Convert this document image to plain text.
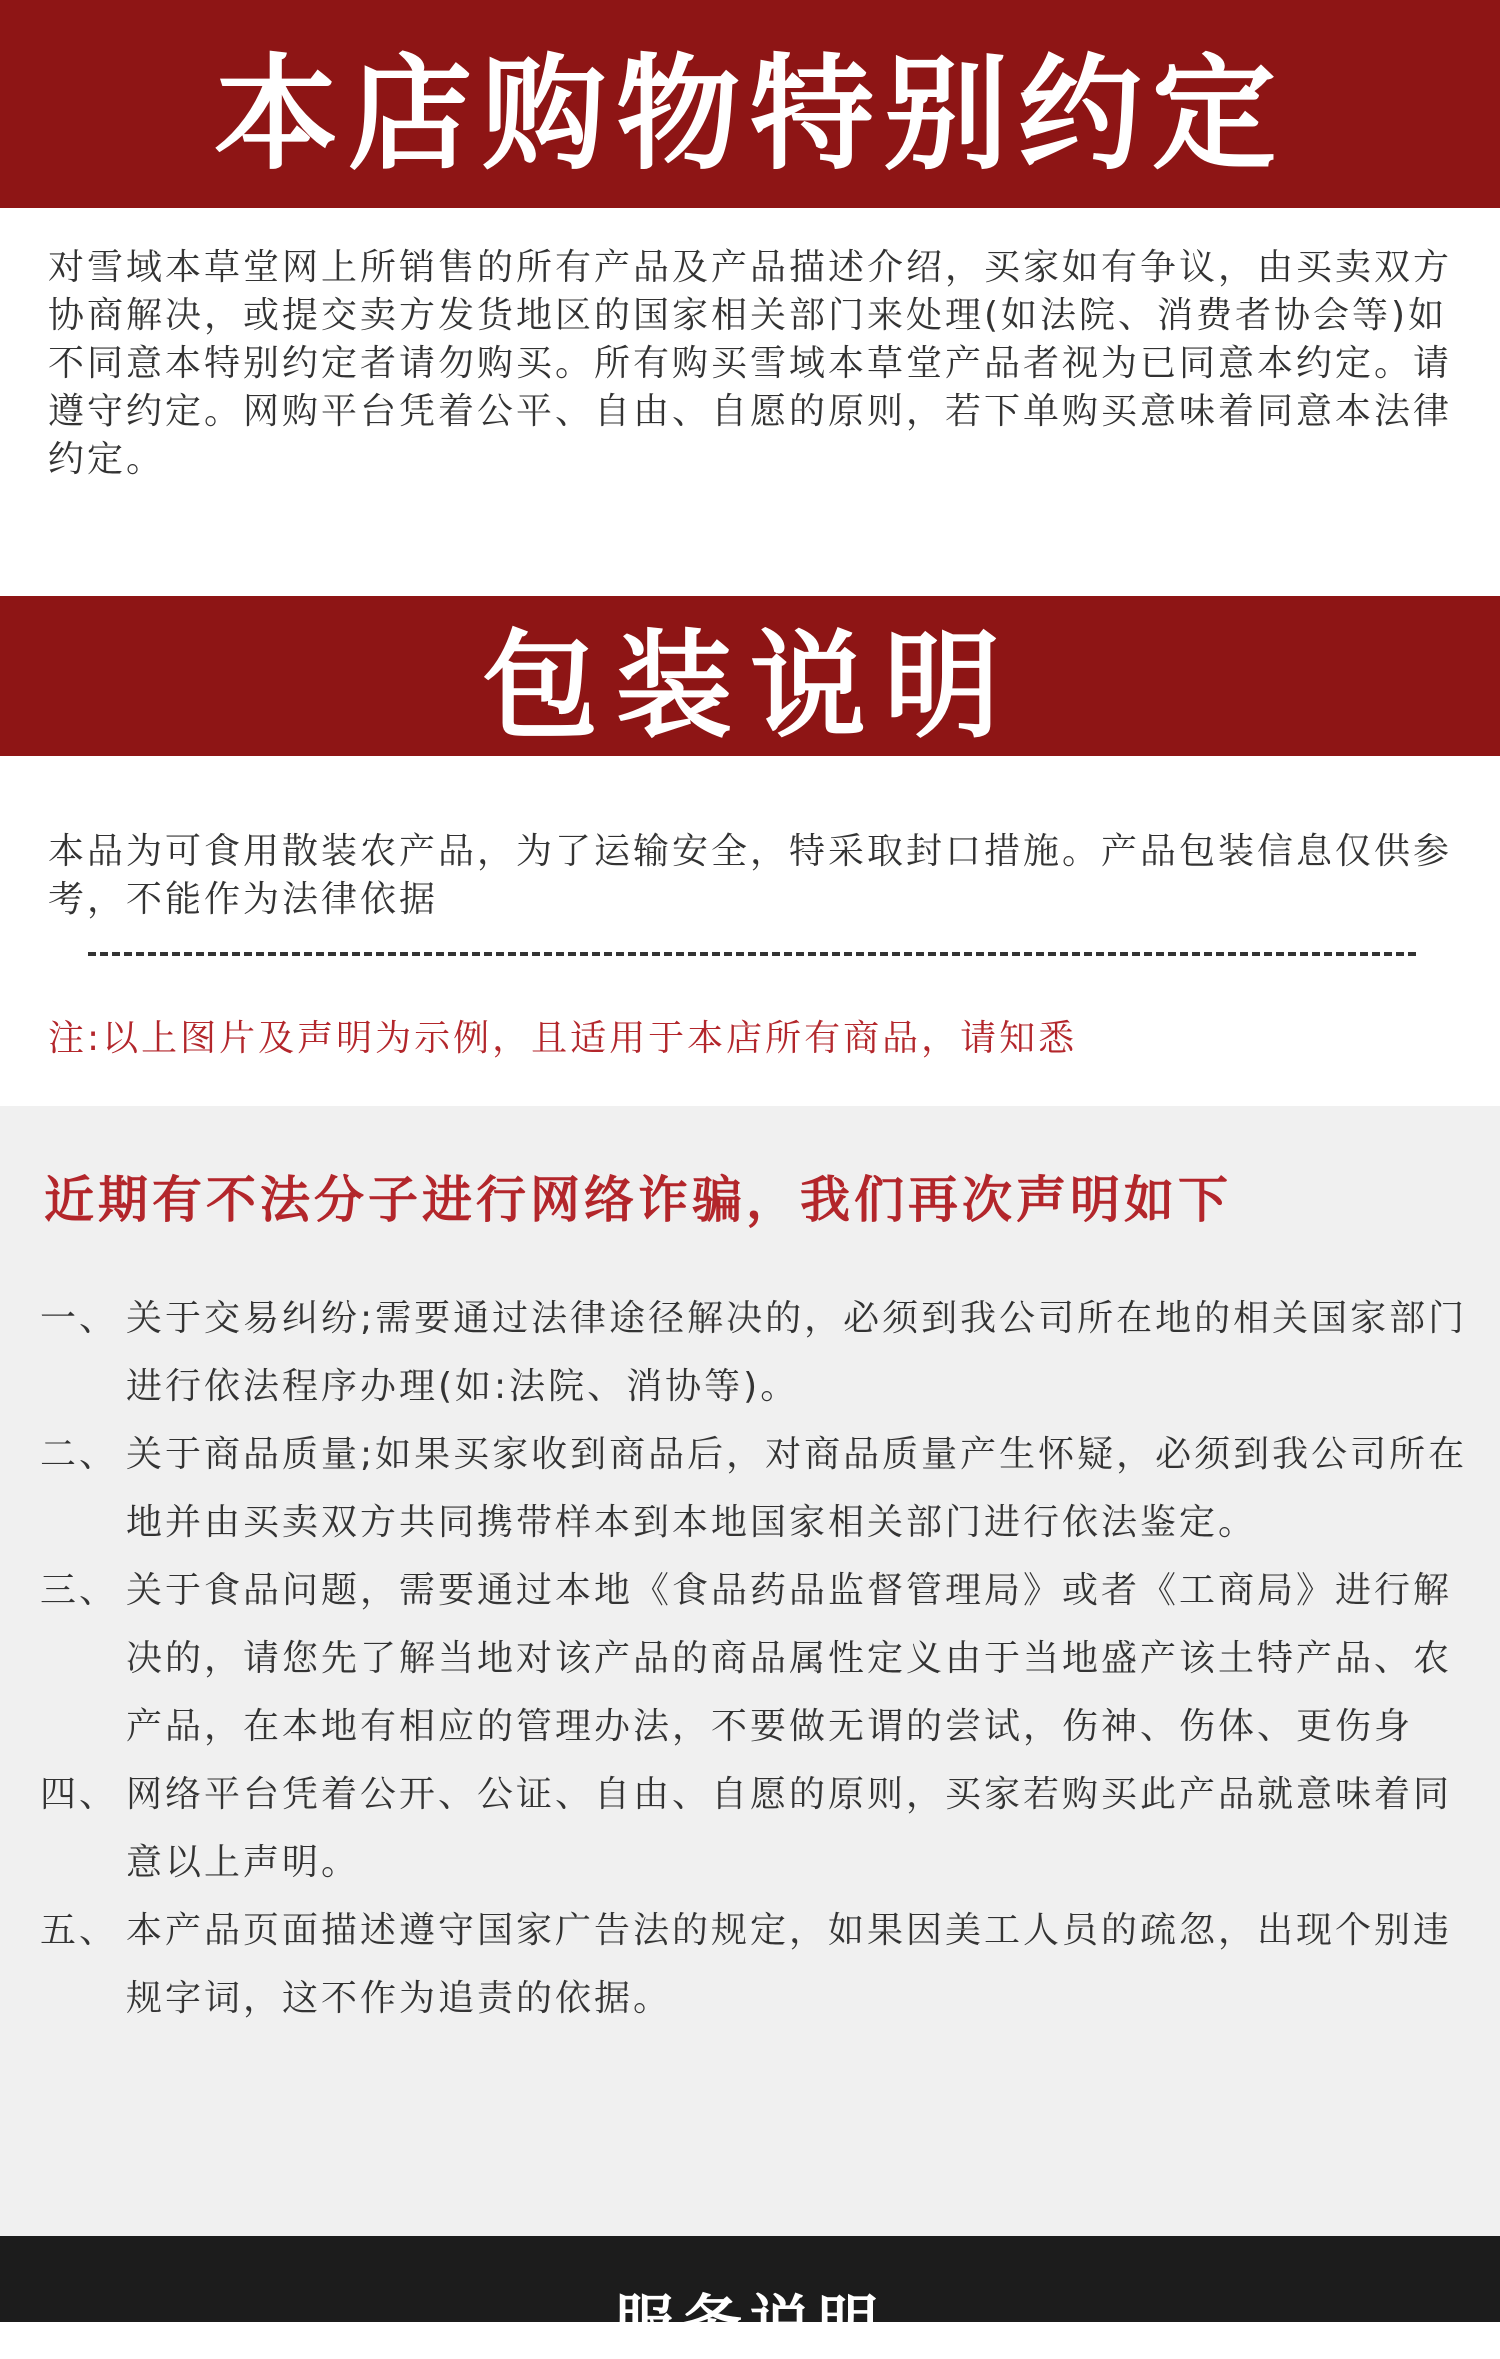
本店购物特别约定

对雪域本草堂网上所销售的所有产品及产品描述介绍，买家如有争议，由买卖双方协商解决，或提交卖方发货地区的国家相关部门来处理(如法院、消费者协会等)如不同意本特别约定者请勿购买。所有购买雪域本草堂产品者视为已同意本约定。请遵守约定。网购平台凭着公平、自由、自愿的原则，若下单购买意味着同意本法律约定。

包装说明

本品为可食用散装农产品，为了运输安全，特采取封口措施。产品包装信息仅供参考，不能作为法律依据

注:以上图片及声明为示例，且适用于本店所有商品，请知悉

近期有不法分子进行网络诈骗，我们再次声明如下
一、 关于交易纠纷;需要通过法律途径解决的，必须到我公司所在地的相关国家部门进行依法程序办理(如:法院、消协等)。
二、 关于商品质量;如果买家收到商品后，对商品质量产生怀疑，必须到我公司所在地并由买卖双方共同携带样本到本地国家相关部门进行依法鉴定。
三、 关于食品问题，需要通过本地《食品药品监督管理局》或者《工商局》进行解决的，请您先了解当地对该产品的商品属性定义由于当地盛产该土特产品、农产品，在本地有相应的管理办法，不要做无谓的尝试，伤神、伤体、更伤身
四、 网络平台凭着公开、公证、自由、自愿的原则，买家若购买此产品就意味着同意以上声明。
五、 本产品页面描述遵守国家广告法的规定，如果因美工人员的疏忽，出现个别违规字词，这不作为追责的依据。
服务说明
